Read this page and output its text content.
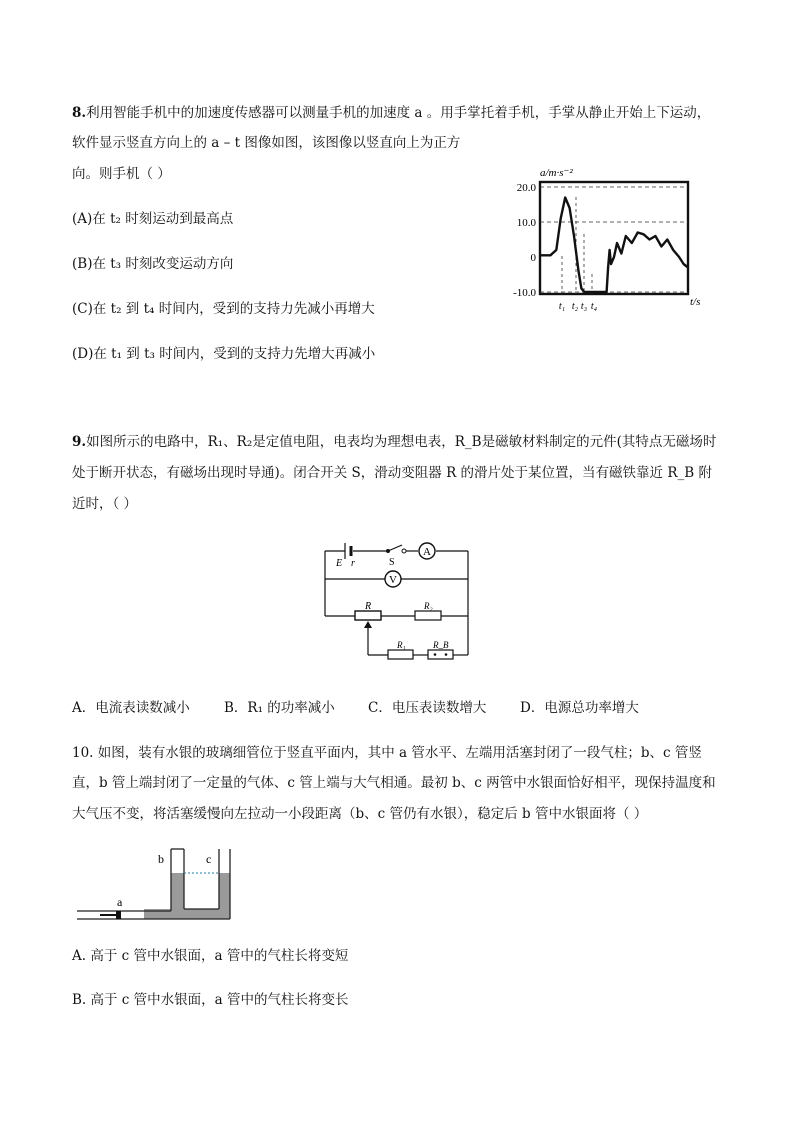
8.利用智能手机中的加速度传感器可以测量手机的加速度 a 。用手掌托着手机，手掌从静止开始上下运动，
软件显示竖直方向上的 a – t 图像如图，该图像以竖直向上为正方
向。则手机（ ）
(A)在 t₂ 时刻运动到最高点
(B)在 t₃ 时刻改变运动方向
(C)在 t₂ 到 t₄ 时间内，受到的支持力先减小再增大
(D)在 t₁ 到 t₃ 时间内，受到的支持力先增大再减小
a/m·s⁻²
20.0
10.0
0
-10.0
t₁ t₂ t₃ t₄	t/s
9.如图所示的电路中，R₁、R₂是定值电阻，电表均为理想电表，R_B是磁敏材料制定的元件(其特点无磁场时
处于断开状态，有磁场出现时导通)。闭合开关 S，滑动变阻器 R 的滑片处于某位置，当有磁铁靠近 R_B 附
近时，（ ）
A
V
E r	S
R	R₂
R₁	R_B
A．电流表读数减小	B．R₁ 的功率减小 C．电压表读数增大 D．电源总功率增大
10. 如图，装有水银的玻璃细管位于竖直平面内，其中 a 管水平、左端用活塞封闭了一段气柱；b、c 管竖
直，b 管上端封闭了一定量的气体、c 管上端与大气相通。最初 b、c 两管中水银面恰好相平，现保持温度和
大气压不变，将活塞缓慢向左拉动一小段距离（b、c 管仍有水银），稳定后 b 管中水银面将（ ）
a
b	c
A. 高于 c 管中水银面，a 管中的气柱长将变短
B. 高于 c 管中水银面，a 管中的气柱长将变长
